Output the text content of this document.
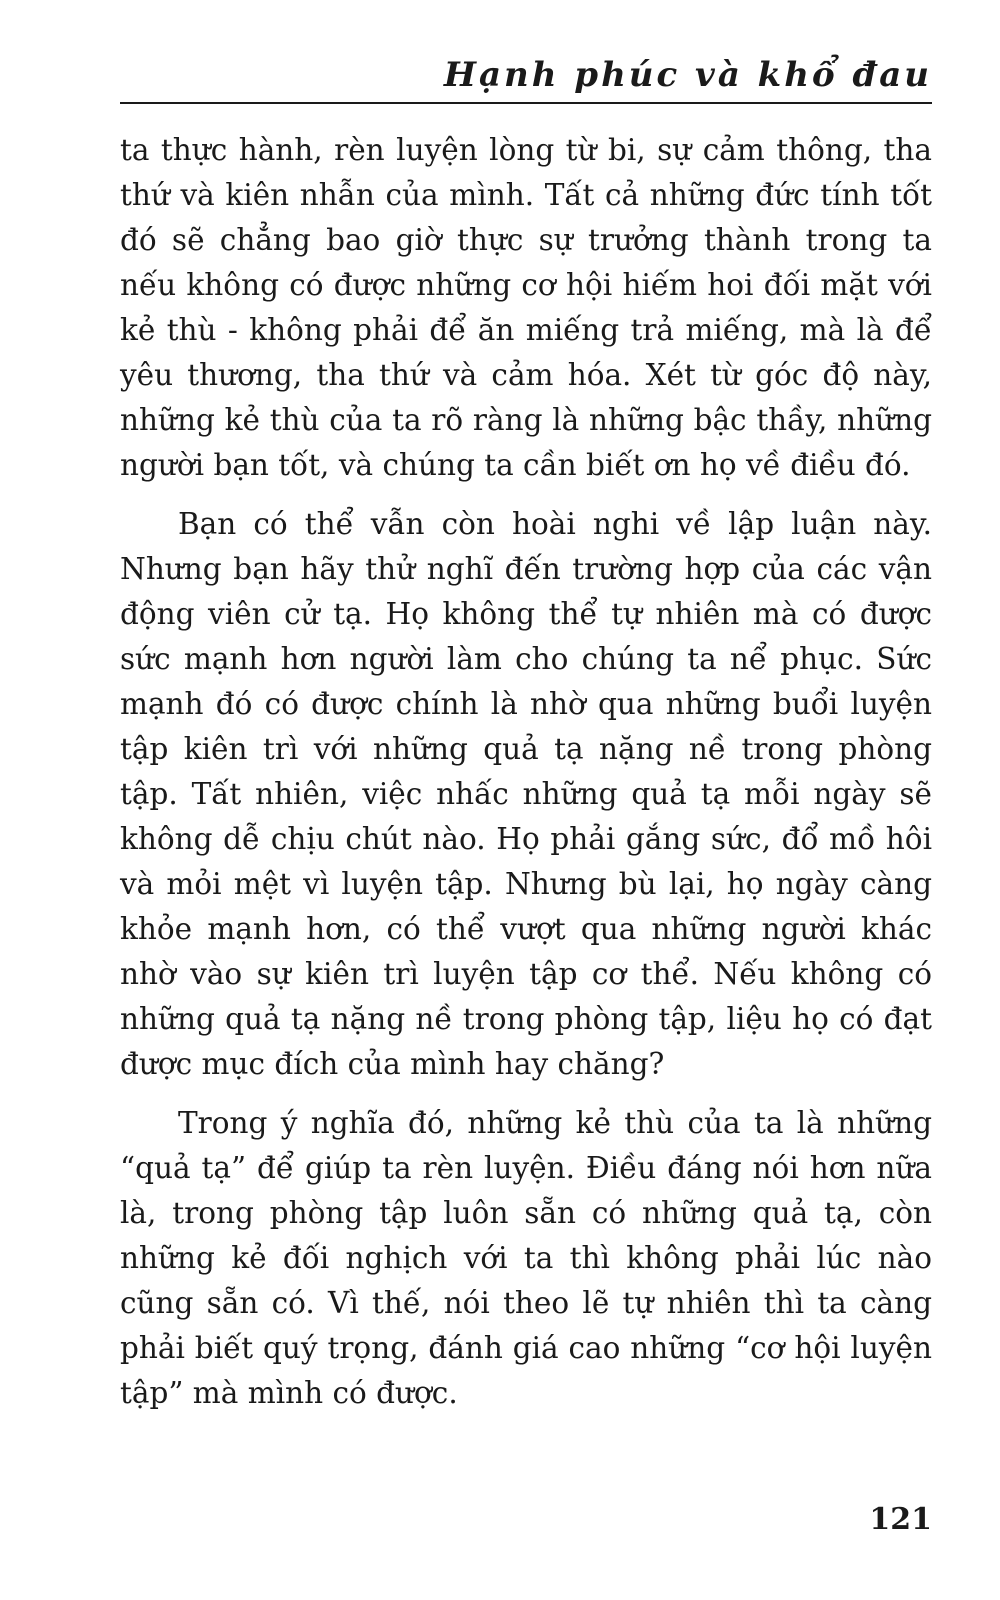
Hạnh phúc và khổ đau

ta thực hành, rèn luyện lòng từ bi, sự cảm thông, tha thứ và kiên nhẫn của mình. Tất cả những đức tính tốt đó sẽ chẳng bao giờ thực sự trưởng thành trong ta nếu không có được những cơ hội hiếm hoi đối mặt với kẻ thù - không phải để ăn miếng trả miếng, mà là để yêu thương, tha thứ và cảm hóa. Xét từ góc độ này, những kẻ thù của ta rõ ràng là những bậc thầy, những người bạn tốt, và chúng ta cần biết ơn họ về điều đó.

Bạn có thể vẫn còn hoài nghi về lập luận này. Nhưng bạn hãy thử nghĩ đến trường hợp của các vận động viên cử tạ. Họ không thể tự nhiên mà có được sức mạnh hơn người làm cho chúng ta nể phục. Sức mạnh đó có được chính là nhờ qua những buổi luyện tập kiên trì với những quả tạ nặng nề trong phòng tập. Tất nhiên, việc nhấc những quả tạ mỗi ngày sẽ không dễ chịu chút nào. Họ phải gắng sức, đổ mồ hôi và mỏi mệt vì luyện tập. Nhưng bù lại, họ ngày càng khỏe mạnh hơn, có thể vượt qua những người khác nhờ vào sự kiên trì luyện tập cơ thể. Nếu không có những quả tạ nặng nề trong phòng tập, liệu họ có đạt được mục đích của mình hay chăng?

Trong ý nghĩa đó, những kẻ thù của ta là những “quả tạ” để giúp ta rèn luyện. Điều đáng nói hơn nữa là, trong phòng tập luôn sẵn có những quả tạ, còn những kẻ đối nghịch với ta thì không phải lúc nào cũng sẵn có. Vì thế, nói theo lẽ tự nhiên thì ta càng phải biết quý trọng, đánh giá cao những “cơ hội luyện tập” mà mình có được.

121
